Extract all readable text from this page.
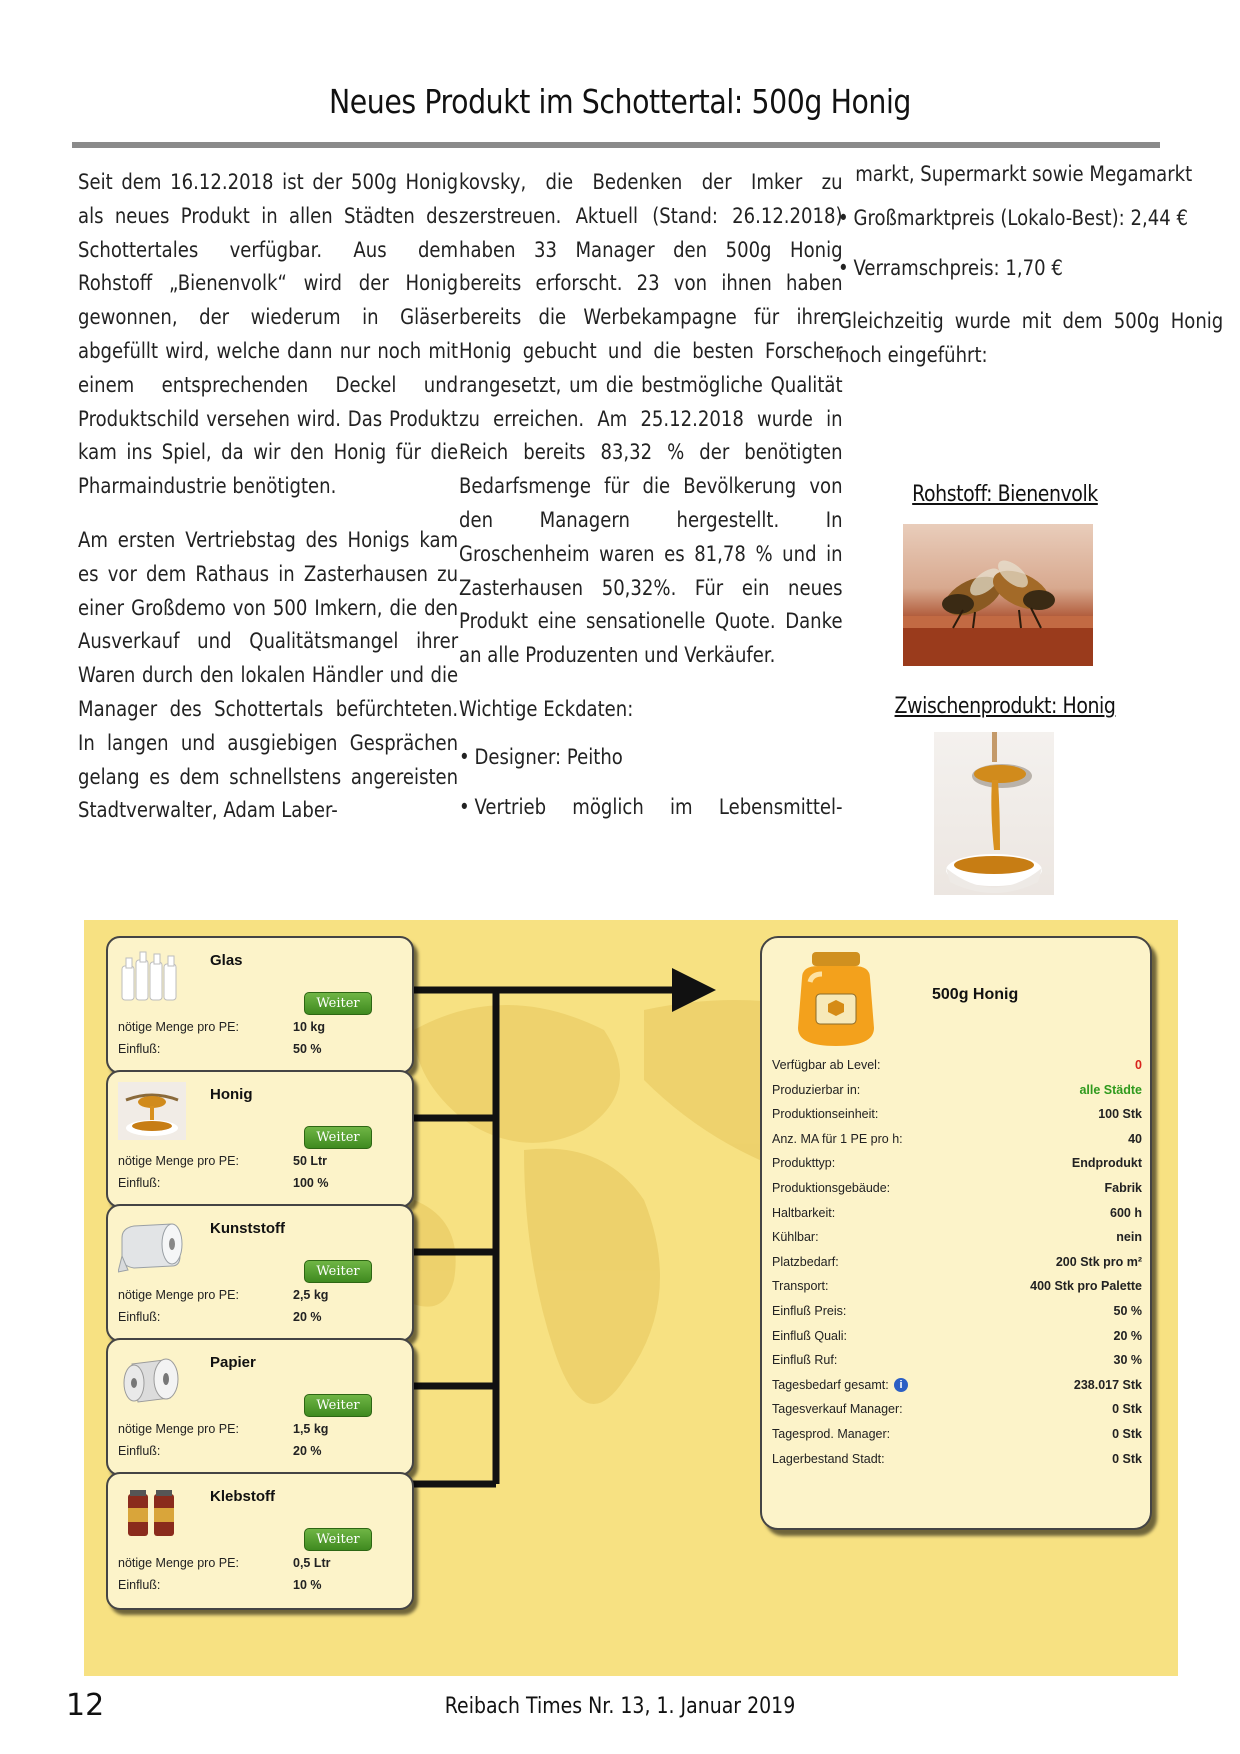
Neues Produkt im Schottertal: 500g Honig

Seit dem 16.12.2018 ist der 500g Honig als neues Produkt in allen Städten des Schottertales verfügbar. Aus dem Rohstoff „Bienenvolk“ wird der Honig gewonnen, der wiederum in Gläser abgefüllt wird, welche dann nur noch mit einem entsprechenden Deckel und Produktschild versehen wird. Das Produkt kam ins Spiel, da wir den Honig für die Pharmaindustrie benötigten.

Am ersten Vertriebstag des Honigs kam es vor dem Rathaus in Zasterhausen zu einer Großdemo von 500 Imkern, die den Ausverkauf und Qualitätsmangel ihrer Waren durch den lokalen Händler und die Manager des Schottertals befürchteten. In langen und ausgiebigen Gesprächen gelang es dem schnellstens angereisten Stadtverwalter, Adam Laber-

kovsky, die Bedenken der Imker zu zerstreuen. Aktuell (Stand: 26.12.2018) haben 33 Manager den 500g Honig bereits erforscht. 23 von ihnen haben bereits die Werbekampagne für ihren Honig gebucht und die besten Forscher rangesetzt, um die bestmögliche Qualität zu erreichen. Am 25.12.2018 wurde in Reich bereits 83,32 % der benötigten Bedarfsmenge für die Bevölkerung von den Managern hergestellt. In Groschenheim waren es 81,78 % und in Zasterhausen 50,32%. Für ein neues Produkt eine sensationelle Quote. Danke an alle Produzenten und Verkäufer.

Wichtige Eckdaten:

• Designer: Peitho
• Vertrieb möglich im Lebensmittel-

markt, Supermarkt sowie Megamarkt

• Großmarktpreis (Lokalo-Best): 2,44 €
• Verramschpreis: 1,70 €

Gleichzeitig wurde mit dem 500g Honig noch eingeführt:

Rohstoff: Bienenvolk

Zwischenprodukt: Honig

Glas
Weiter
nötige Menge pro PE:	10 kg
Einfluß:	50 %
Honig
Weiter
nötige Menge pro PE:	50 Ltr
Einfluß:	100 %
Kunststoff
Weiter
nötige Menge pro PE:	2,5 kg
Einfluß:	20 %
Papier
Weiter
nötige Menge pro PE:	1,5 kg
Einfluß:	20 %
Klebstoff
Weiter
nötige Menge pro PE:	0,5 Ltr
Einfluß:	10 %
500g Honig
Verfügbar ab Level:	0
Produzierbar in:	alle Städte
Produktionseinheit:	100 Stk
Anz. MA für 1 PE pro h:	40
Produkttyp:	Endprodukt
Produktionsgebäude:	Fabrik
Haltbarkeit:	600 h
Kühlbar:	nein
Platzbedarf:	200 Stk pro m²
Transport:	400 Stk pro Palette
Einfluß Preis:	50 %
Einfluß Quali:	20 %
Einfluß Ruf:	30 %
Tagesbedarf gesamt: i	238.017 Stk
Tagesverkauf Manager:	0 Stk
Tagesprod. Manager:	0 Stk
Lagerbestand Stadt:	0 Stk
12	Reibach Times Nr. 13, 1. Januar 2019
